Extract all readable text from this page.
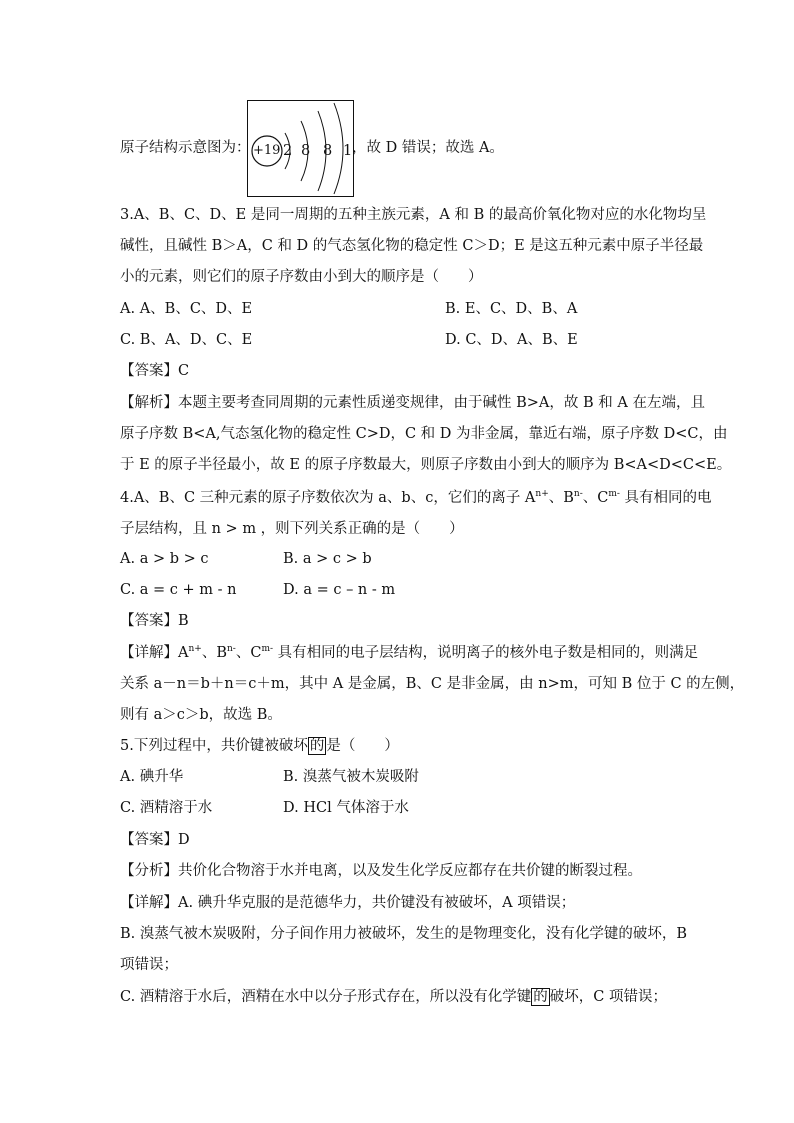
原子结构示意图为： +19 2 8 8 1 ，故 D 错误；故选 A。
3.A、B、C、D、E 是同一周期的五种主族元素，A 和 B 的最高价氧化物对应的水化物均呈
碱性，且碱性 B＞A，C 和 D 的气态氢化物的稳定性 C＞D；E 是这五种元素中原子半径最
小的元素，则它们的原子序数由小到大的顺序是（　　）
A. A、B、C、D、E	B. E、C、D、B、A
C. B、A、D、C、E	D. C、D、A、B、E
【答案】C
【解析】本题主要考查同周期的元素性质递变规律，由于碱性 B>A，故 B 和 A 在左端，且
原子序数 B<A,气态氢化物的稳定性 C>D，C 和 D 为非金属，靠近右端，原子序数 D<C，由
于 E 的原子半径最小，故 E 的原子序数最大，则原子序数由小到大的顺序为 B<A<D<C<E。
4.A、B、C 三种元素的原子序数依次为 a、b、c，它们的离子 $A^{n+}$、$B^{n-}$、$C^{m-}$ 具有相同的电
子层结构，且 n > m ，则下列关系正确的是（　　）
A. a > b > c	B. a > c > b
C. a = c + m - n	D. a = c – n - m
【答案】B
【详解】$A^{n+}$、$B^{n-}$、$C^{m-}$ 具有相同的电子层结构，说明离子的核外电子数是相同的，则满足
关系 a－n＝b＋n＝c＋m，其中 A 是金属，B、C 是非金属，由 n>m，可知 B 位于 C 的左侧，
则有 a＞c＞b，故选 B。
5.下列过程中，共价键被破坏 的 是（　　）
A. 碘升华	B. 溴蒸气被木炭吸附
C. 酒精溶于水	D. HCl 气体溶于水
【答案】D
【分析】共价化合物溶于水并电离，以及发生化学反应都存在共价键的断裂过程。
【详解】A. 碘升华克服的是范德华力，共价键没有被破坏，A 项错误；
B. 溴蒸气被木炭吸附，分子间作用力被破坏，发生的是物理变化，没有化学键的破坏，B
项错误；
C. 酒精溶于水后，酒精在水中以分子形式存在，所以没有化学键 的 破坏，C 项错误；
